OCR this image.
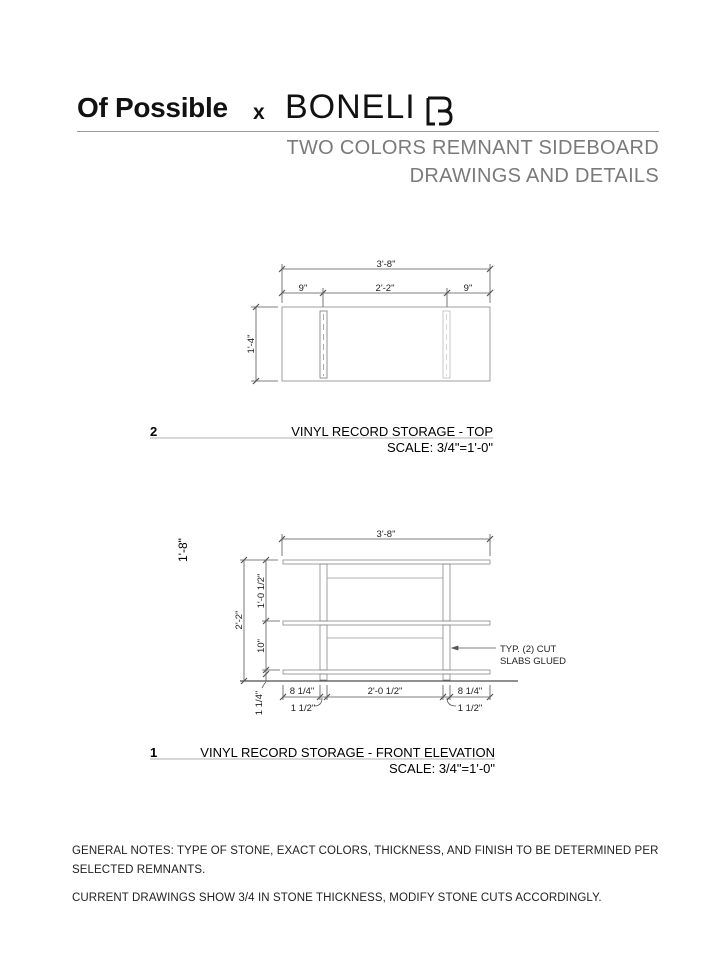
Of Possible x BONELI
TWO COLORS REMNANT SIDEBOARD
DRAWINGS AND DETAILS
3'-8"
9"	2'-2"	9"
1'-4"
2	VINYL RECORD STORAGE - TOP
SCALE: 3/4"=1'-0"
3'-8"
1'-8"
2'-2"
1'-0 1/2"
10"
1 1/4"	8 1/4"
1 1/2"
2'-0 1/2"	8 1/4"
1 1/2"
TYP. (2) CUT
SLABS GLUED
1	VINYL RECORD STORAGE - FRONT ELEVATION
SCALE: 3/4"=1'-0"
GENERAL NOTES: TYPE OF STONE, EXACT COLORS, THICKNESS, AND FINISH TO BE DETERMINED PER SELECTED REMNANTS.
CURRENT DRAWINGS SHOW 3/4 IN STONE THICKNESS, MODIFY STONE CUTS ACCORDINGLY.
